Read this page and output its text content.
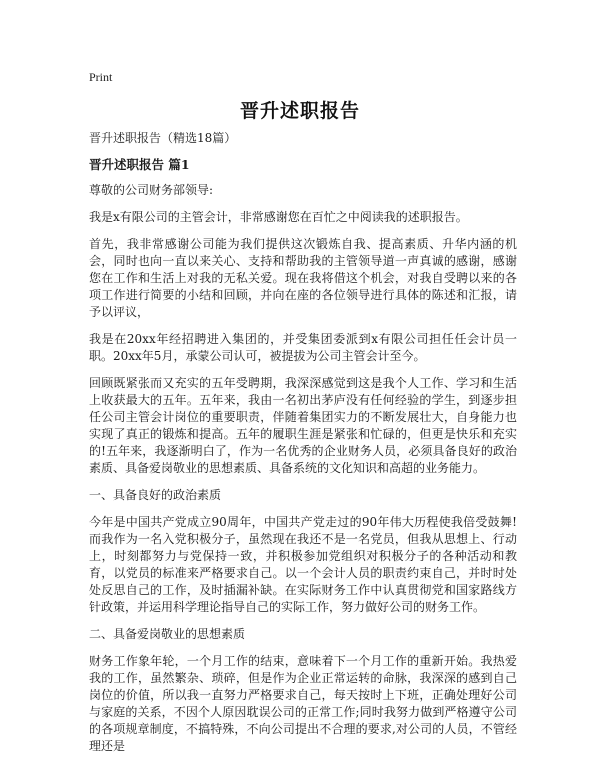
Print
晋升述职报告

晋升述职报告（精选18篇）

晋升述职报告 篇1

尊敬的公司财务部领导:

我是x有限公司的主管会计，非常感谢您在百忙之中阅读我的述职报告。

首先，我非常感谢公司能为我们提供这次锻炼自我、提高素质、升华内涵的机会，同时也向一直以来关心、支持和帮助我的主管领导道一声真诚的感谢，感谢您在工作和生活上对我的无私关爱。现在我将借这个机会，对我自受聘以来的各项工作进行简要的小结和回顾，并向在座的各位领导进行具体的陈述和汇报，请予以评议，

我是在20xx年经招聘进入集团的，并受集团委派到x有限公司担任任会计员一职。20xx年5月，承蒙公司认可，被提拔为公司主管会计至今。

回顾既紧张而又充实的五年受聘期，我深深感觉到这是我个人工作、学习和生活上收获最大的五年。五年来，我由一名初出茅庐没有任何经验的学生，到逐步担任公司主管会计岗位的重要职责，伴随着集团实力的不断发展壮大，自身能力也实现了真正的锻炼和提高。五年的履职生涯是紧张和忙碌的，但更是快乐和充实的!五年来，我逐渐明白了，作为一名优秀的企业财务人员，必须具备良好的政治素质、具备爱岗敬业的思想素质、具备系统的文化知识和高超的业务能力。

一、具备良好的政治素质

今年是中国共产党成立90周年，中国共产党走过的90年伟大历程使我倍受鼓舞!而我作为一名入党积极分子，虽然现在我还不是一名党员，但我从思想上、行动上，时刻都努力与党保持一致，并积极参加党组织对积极分子的各种活动和教育，以党员的标准来严格要求自己。以一个会计人员的职责约束自己，并时时处处反思自己的工作，及时插漏补缺。在实际财务工作中认真贯彻党和国家路线方针政策，并运用科学理论指导自己的实际工作，努力做好公司的财务工作。

二、具备爱岗敬业的思想素质

财务工作象年轮，一个月工作的结束，意味着下一个月工作的重新开始。我热爱我的工作，虽然繁杂、琐碎，但是作为企业正常运转的命脉，我深深的感到自己岗位的价值，所以我一直努力严格要求自己，每天按时上下班，正确处理好公司与家庭的关系，不因个人原因耽误公司的正常工作;同时我努力做到严格遵守公司的各项规章制度，不搞特殊，不向公司提出不合理的要求,对公司的人员，不管经理还是
